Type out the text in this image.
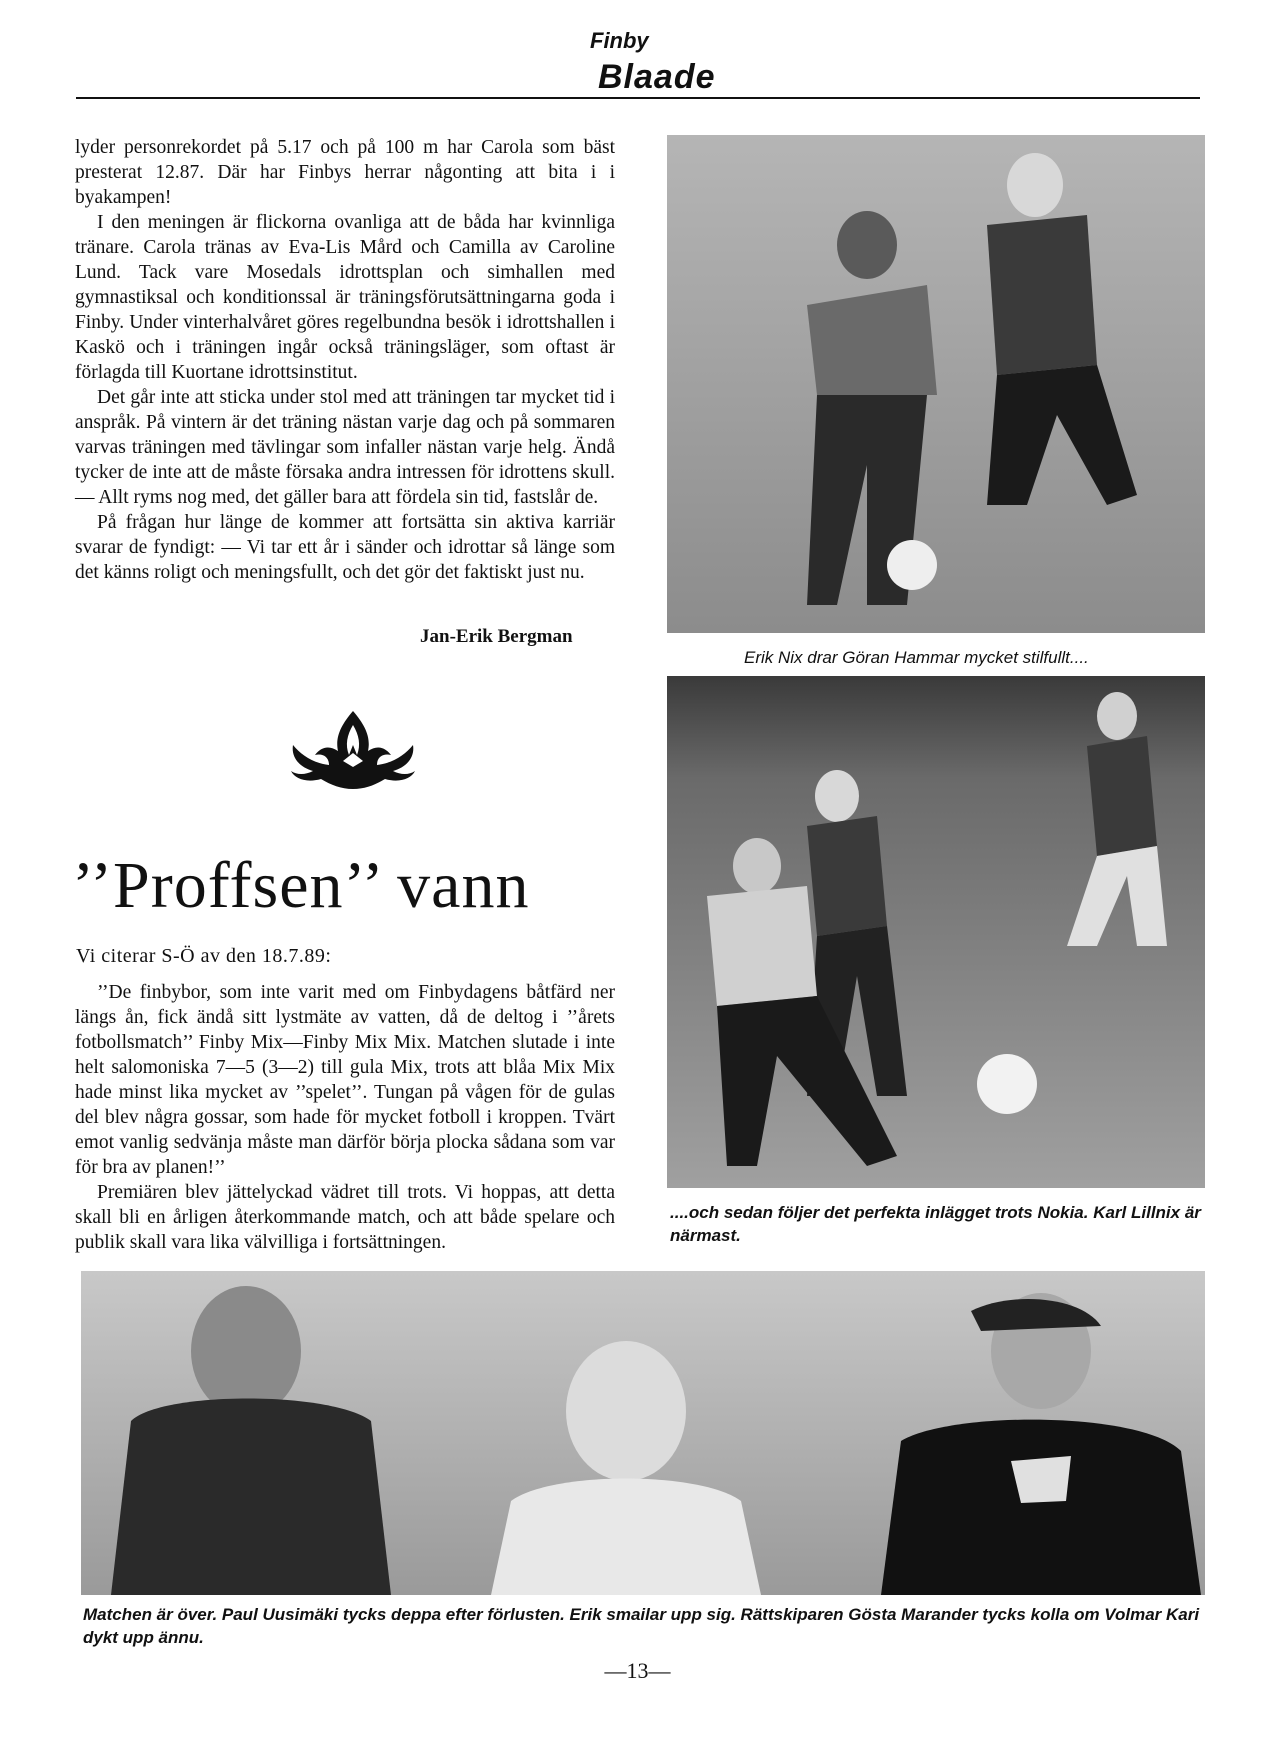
Finby
Blaade

lyder personrekordet på 5.17 och på 100 m har Carola som bäst presterat 12.87. Där har Finbys herrar någonting att bita i i byakampen!

I den meningen är flickorna ovanliga att de båda har kvinnliga tränare. Carola tränas av Eva-Lis Mård och Camilla av Caroline Lund. Tack vare Mosedals idrottsplan och simhallen med gymnastiksal och konditionssal är träningsförutsättningarna goda i Finby. Under vinterhalvåret göres regelbundna besök i idrottshallen i Kaskö och i träningen ingår också träningsläger, som oftast är förlagda till Kuortane idrottsinstitut.

Det går inte att sticka under stol med att träningen tar mycket tid i anspråk. På vintern är det träning nästan varje dag och på sommaren varvas träningen med tävlingar som infaller nästan varje helg. Ändå tycker de inte att de måste försaka andra intressen för idrottens skull. — Allt ryms nog med, det gäller bara att fördela sin tid, fastslår de.

På frågan hur länge de kommer att fortsätta sin aktiva karriär svarar de fyndigt: — Vi tar ett år i sänder och idrottar så länge som det känns roligt och meningsfullt, och det gör det faktiskt just nu.

Jan-Erik Bergman
’’Proffsen’’ vann
Vi citerar S-Ö av den 18.7.89:

’’De finbybor, som inte varit med om Finbydagens båtfärd ner längs ån, fick ändå sitt lystmäte av vatten, då de deltog i ’’årets fotbollsmatch’’ Finby Mix—Finby Mix Mix. Matchen slutade i inte helt salomoniska 7—5 (3—2) till gula Mix, trots att blåa Mix Mix hade minst lika mycket av ’’spelet’’. Tungan på vågen för de gulas del blev några gossar, som hade för mycket fotboll i kroppen. Tvärt emot vanlig sedvänja måste man därför börja plocka sådana som var för bra av planen!’’

Premiären blev jättelyckad vädret till trots. Vi hoppas, att detta skall bli en årligen återkommande match, och att både spelare och publik skall vara lika välvilliga i fortsättningen.

Erik Nix drar Göran Hammar mycket stilfullt....
....och sedan följer det perfekta inlägget trots Nokia. Karl Lillnix är närmast.
Matchen är över. Paul Uusimäki tycks deppa efter förlusten. Erik smailar upp sig. Rättskiparen Gösta Marander tycks kolla om Volmar Kari dykt upp ännu.
—13—
